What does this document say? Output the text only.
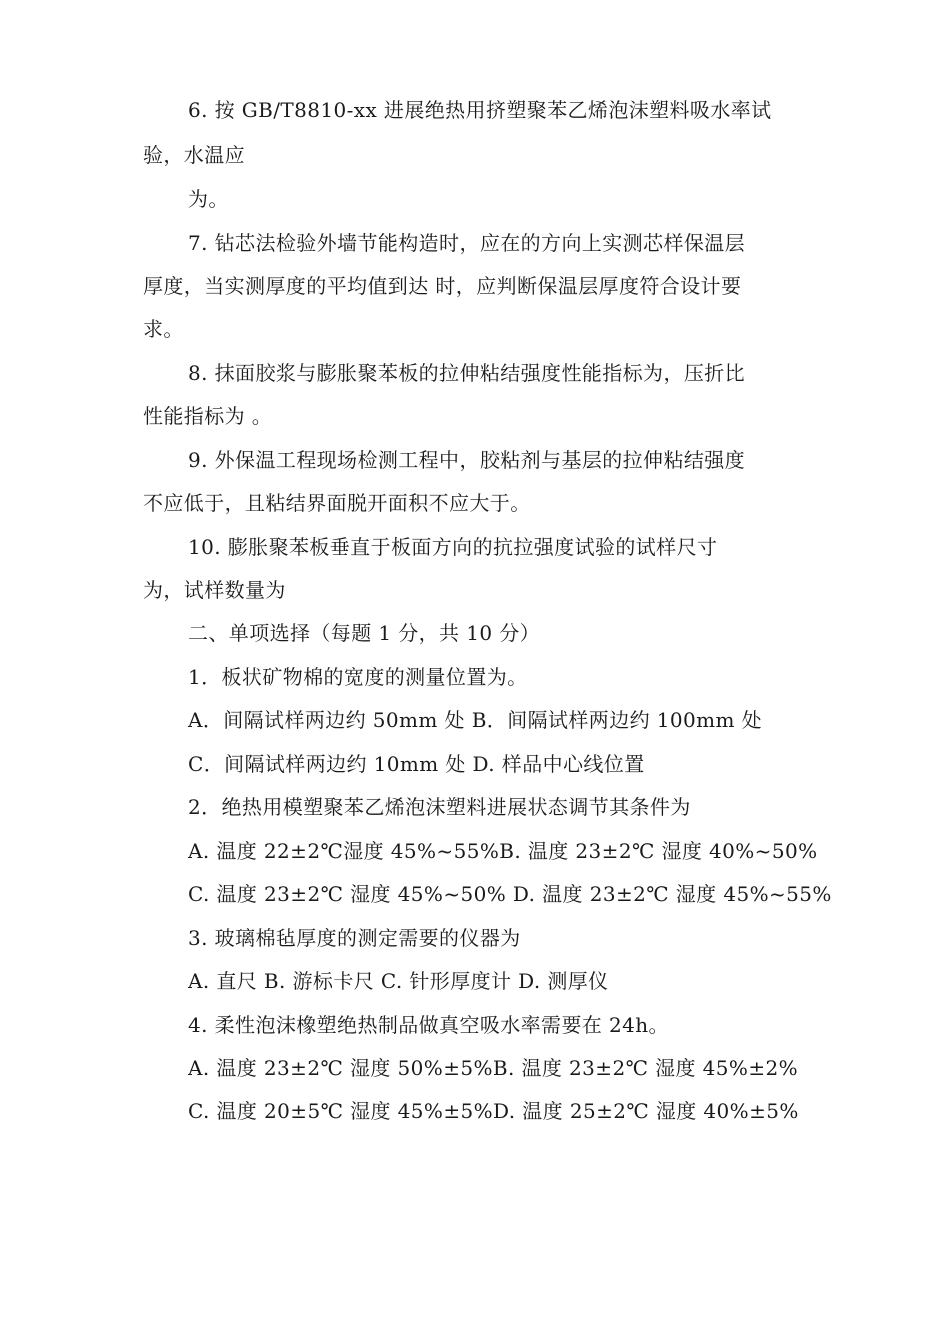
6. 按 GB/T8810-xx 进展绝热用挤塑聚苯乙烯泡沫塑料吸水率试

验，水温应

为。

7. 钻芯法检验外墙节能构造时，应在的方向上实测芯样保温层

厚度，当实测厚度的平均值到达 时，应判断保温层厚度符合设计要

求。

8. 抹面胶浆与膨胀聚苯板的拉伸粘结强度性能指标为，压折比

性能指标为 。

9. 外保温工程现场检测工程中，胶粘剂与基层的拉伸粘结强度

不应低于，且粘结界面脱开面积不应大于。

10. 膨胀聚苯板垂直于板面方向的抗拉强度试验的试样尺寸

为，试样数量为

二、单项选择（每题 1 分，共 10 分）

1．板状矿物棉的宽度的测量位置为。

A．间隔试样两边约 50mm 处 B．间隔试样两边约 100mm 处

C．间隔试样两边约 10mm 处 D. 样品中心线位置

2．绝热用模塑聚苯乙烯泡沫塑料进展状态调节其条件为

A. 温度 22±2℃湿度 45%~55%B. 温度 23±2℃ 湿度 40%~50%

C. 温度 23±2℃ 湿度 45%~50% D. 温度 23±2℃ 湿度 45%~55%

3. 玻璃棉毡厚度的测定需要的仪器为

A. 直尺 B. 游标卡尺 C. 针形厚度计 D. 测厚仪

4. 柔性泡沫橡塑绝热制品做真空吸水率需要在 24h。

A. 温度 23±2℃ 湿度 50%±5%B. 温度 23±2℃ 湿度 45%±2%

C. 温度 20±5℃ 湿度 45%±5%D. 温度 25±2℃ 湿度 40%±5%
